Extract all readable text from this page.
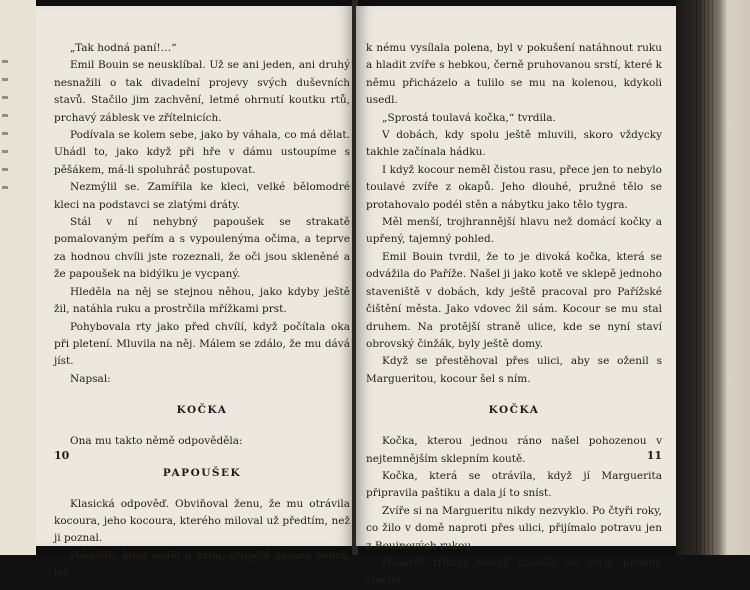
„Tak hodná paní!…“

Emil Bouin se neusklíbal. Už se ani jeden, ani druhý nesnažili o tak divadelní projevy svých duševních stavů. Stačilo jim zachvění, letmé ohrnutí koutku rtů, prchavý záblesk ve zřítelnicích.

Podívala se kolem sebe, jako by váhala, co má dělat. Uhádl to, jako když při hře v dámu ustoupíme s pěšákem, má-li spoluhráč postupovat.

Nezmýlil se. Zamířila ke kleci, velké bělomodré kleci na podstavci se zlatými dráty.

Stál v ní nehybný papoušek se strakatě pomalovaným peřím a s vypoulenýma očima, a teprve za hodnou chvíli jste rozeznali, že oči jsou skleněné a že papoušek na bidýlku je vycpaný.

Hleděla na něj se stejnou něhou, jako kdyby ještě žil, natáhla ruku a prostrčila mřížkami prst.

Pohybovala rty jako před chvílí, když počítala oka při pletení. Mluvila na něj. Málem se zdálo, že mu dává jíst.

Napsal:

KOČKA

Ona mu takto němě odpověděla:

PAPOUŠEK

Klasická odpověď. Obviňoval ženu, že mu otrávila kocoura, jeho kocoura, kterého miloval už předtím, než ji poznal.

Pokaždé, když seděl u krbu, otupělý závany vedra, jež

10

k nému vysílala polena, byl v pokušení natáhnout ruku a hladit zvíře s hebkou, černě pruhovanou srstí, které k němu přicházelo a tulilo se mu na kolenou, kdykoli usedl.

„Sprostá toulavá kočka,“ tvrdila.

V dobách, kdy spolu ještě mluvili, skoro vždycky takhle začínala hádku.

I když kocour neměl čistou rasu, přece jen to nebylo toulavé zvíře z okapů. Jeho dlouhé, pružné tělo se protahovalo podél stěn a nábytku jako tělo tygra.

Měl menší, trojhrannější hlavu než domácí kočky a upřený, tajemný pohled.

Emil Bouin tvrdil, že to je divoká kočka, která se odvážila do Paříže. Našel ji jako kotě ve sklepě jednoho staveniště v dobách, kdy ještě pracoval pro Pařížské čištění města. Jako vdovec žil sám. Kocour se mu stal druhem. Na protější straně ulice, kde se nyní staví obrovský činžák, byly ještě domy.

Když se přestěhoval přes ulici, aby se oženil s Margueritou, kocour šel s ním.

KOČKA

Kočka, kterou jednou ráno našel pohozenou v nejtemnějším sklepním koutě.

Kočka, která se otrávila, když jí Marguerita připravila paštiku a dala jí to sníst.

Zvíře si na Margueritu nikdy nezvyklo. Po čtyři roky, co žilo v domě naproti přes ulici, přijímalo potravu jen z Bouinových rukou.

Dvakrát třikrát denně chodilo za svým pánem, stačilo

11
